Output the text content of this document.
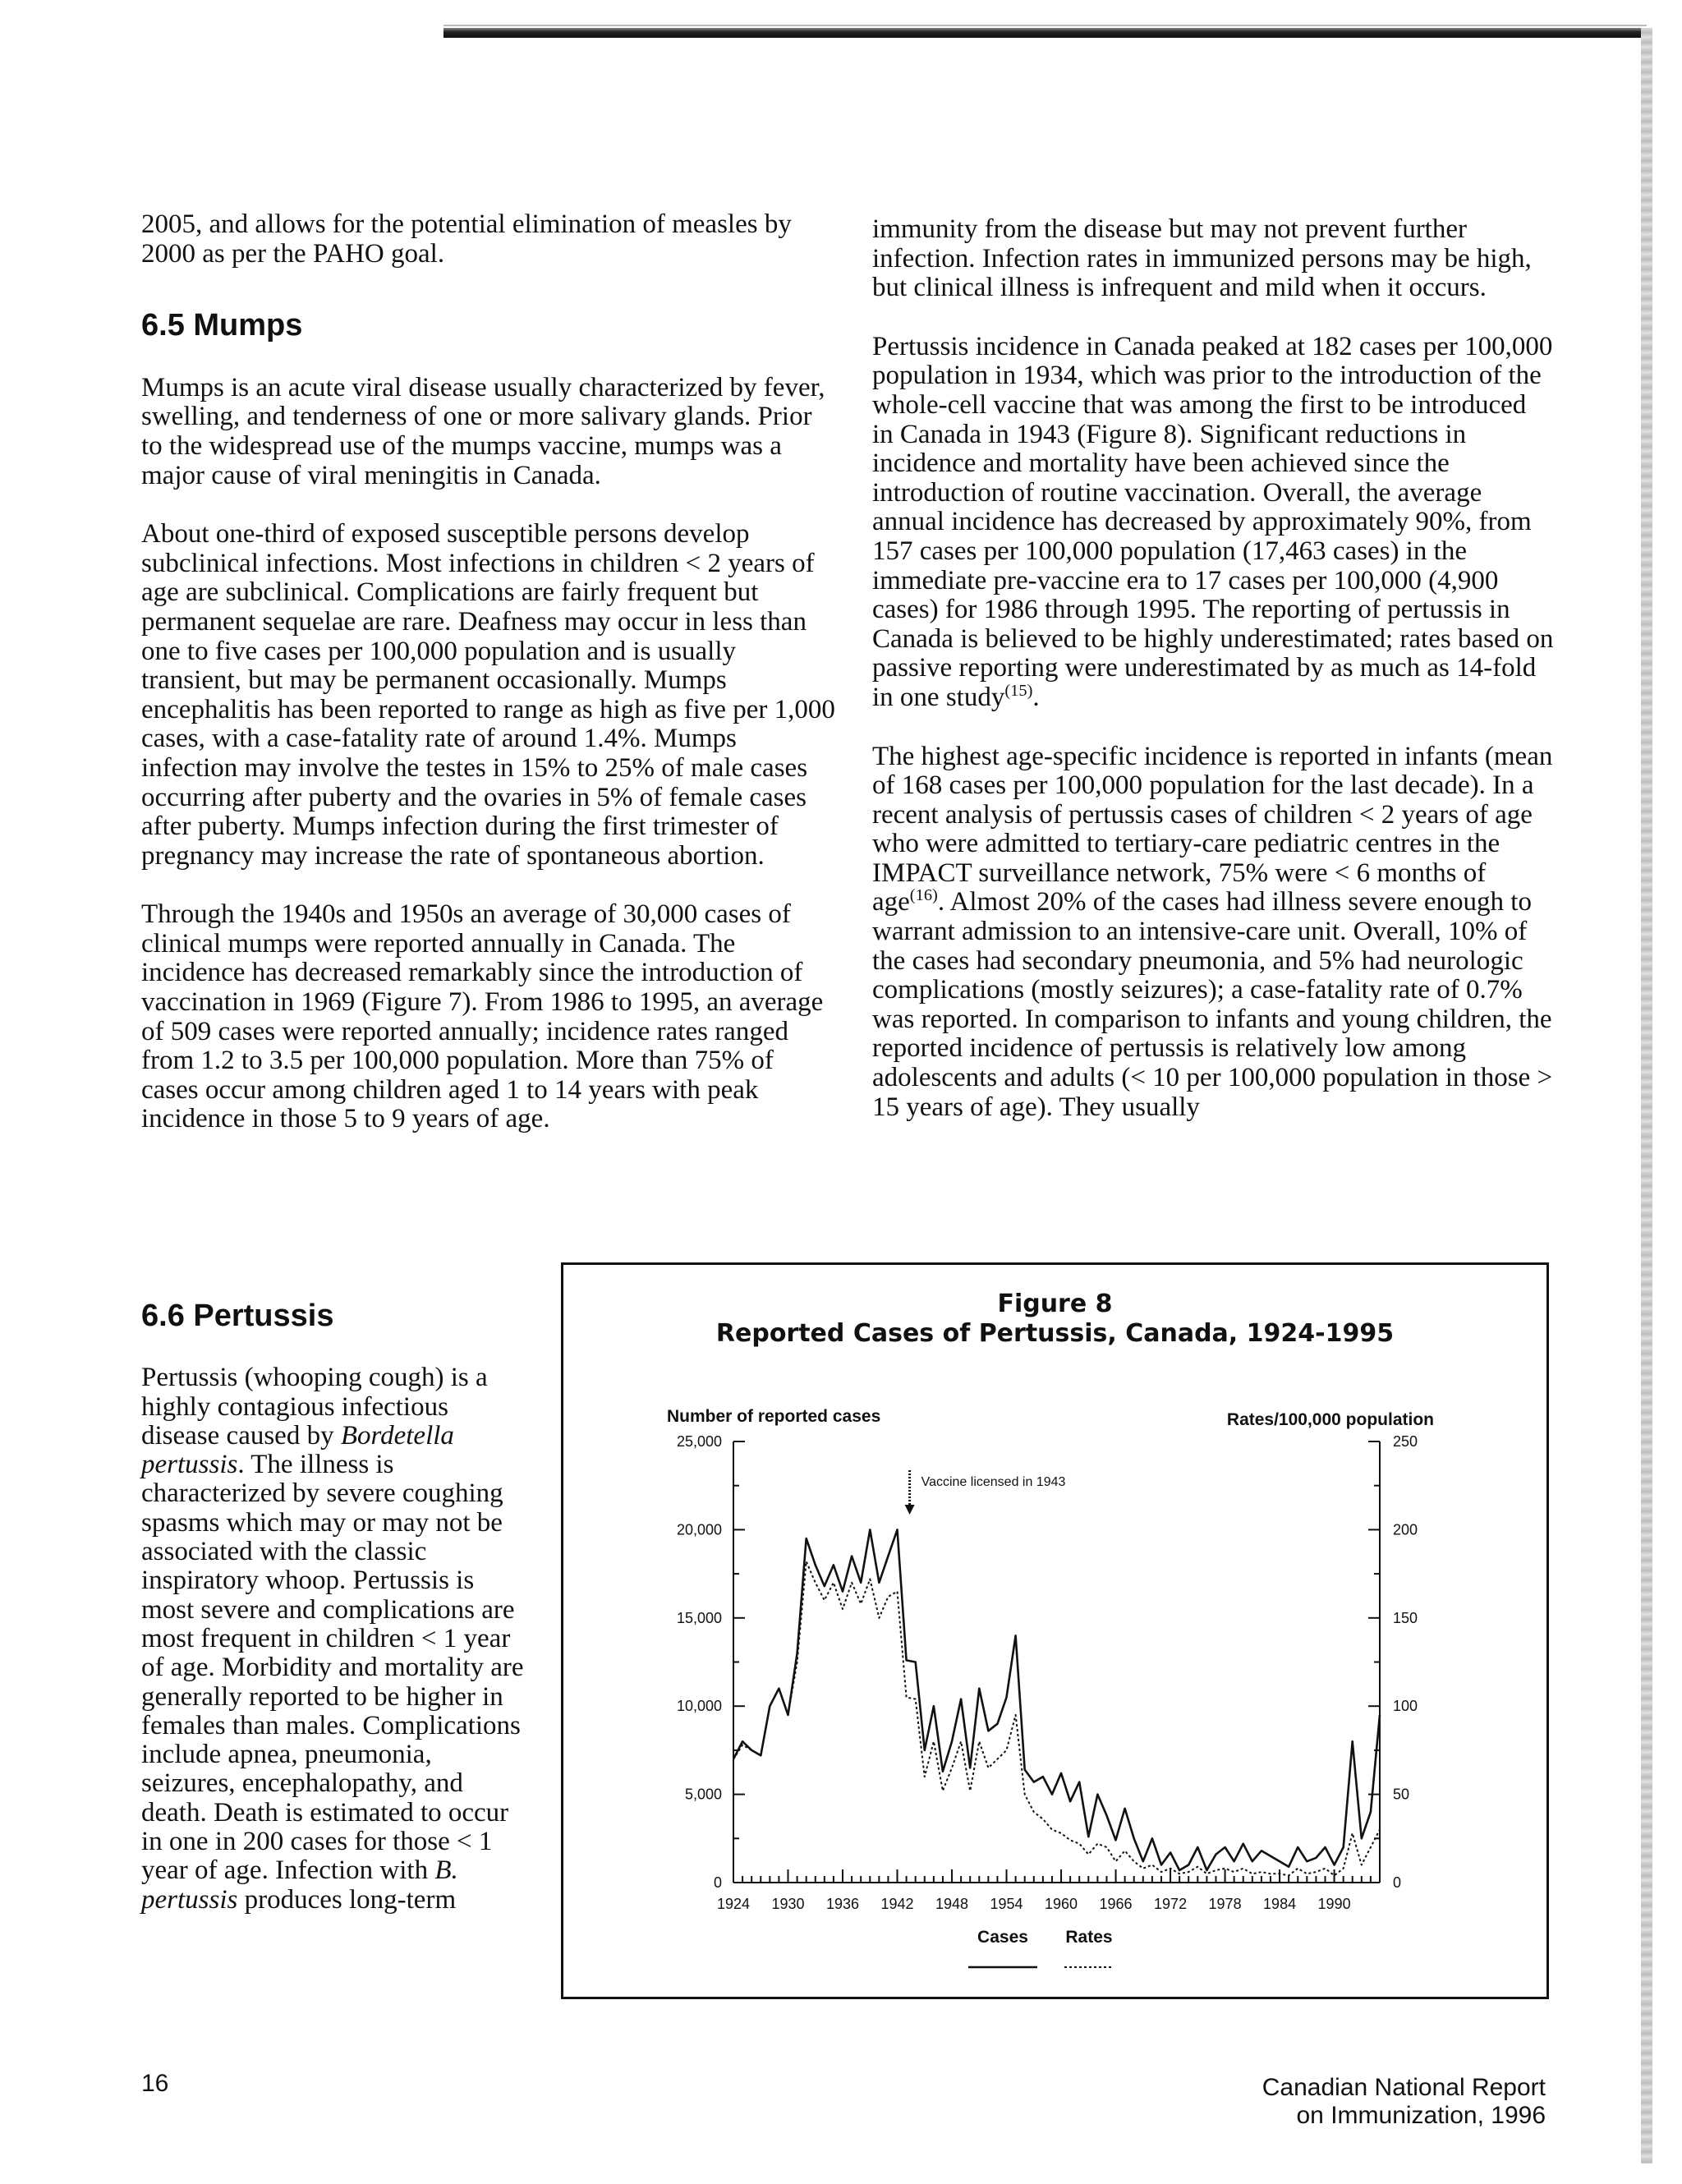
2005, and allows for the potential elimination of measles by 2000 as per the PAHO goal.

6.5 Mumps

Mumps is an acute viral disease usually characterized by fever, swelling, and tenderness of one or more salivary glands. Prior to the widespread use of the mumps vaccine, mumps was a major cause of viral meningitis in Canada.

About one-third of exposed susceptible persons develop subclinical infections. Most infections in children < 2 years of age are subclinical. Complications are fairly frequent but permanent sequelae are rare. Deafness may occur in less than one to five cases per 100,000 population and is usually transient, but may be permanent occasionally. Mumps encephalitis has been reported to range as high as five per 1,000 cases, with a case-fatality rate of around 1.4%. Mumps infection may involve the testes in 15% to 25% of male cases occurring after puberty and the ovaries in 5% of female cases after puberty. Mumps infection during the first trimester of pregnancy may increase the rate of spontaneous abortion.

Through the 1940s and 1950s an average of 30,000 cases of clinical mumps were reported annually in Canada. The incidence has decreased remarkably since the introduction of vaccination in 1969 (Figure 7). From 1986 to 1995, an average of 509 cases were reported annually; incidence rates ranged from 1.2 to 3.5 per 100,000 population. More than 75% of cases occur among children aged 1 to 14 years with peak incidence in those 5 to 9 years of age.

6.6 Pertussis

Pertussis (whooping cough) is a highly contagious infectious disease caused by Bordetella pertussis. The illness is characterized by severe coughing spasms which may or may not be associated with the classic inspiratory whoop. Pertussis is most severe and complications are most frequent in children < 1 year of age. Morbidity and mortality are generally reported to be higher in females than males. Complications include apnea, pneumonia, seizures, encephalopathy, and death. Death is estimated to occur in one in 200 cases for those < 1 year of age. Infection with B. pertussis produces long-term

immunity from the disease but may not prevent further infection. Infection rates in immunized persons may be high, but clinical illness is infrequent and mild when it occurs.

Pertussis incidence in Canada peaked at 182 cases per 100,000 population in 1934, which was prior to the introduction of the whole-cell vaccine that was among the first to be introduced in Canada in 1943 (Figure 8). Significant reductions in incidence and mortality have been achieved since the introduction of routine vaccination. Overall, the average annual incidence has decreased by approximately 90%, from 157 cases per 100,000 population (17,463 cases) in the immediate pre-vaccine era to 17 cases per 100,000 (4,900 cases) for 1986 through 1995. The reporting of pertussis in Canada is believed to be highly underestimated; rates based on passive reporting were underestimated by as much as 14-fold in one study$^{(15)}$.

The highest age-specific incidence is reported in infants (mean of 168 cases per 100,000 population for the last decade). In a recent analysis of pertussis cases of children < 2 years of age who were admitted to tertiary-care pediatric centres in the IMPACT surveillance network, 75% were < 6 months of age$^{(16)}$. Almost 20% of the cases had illness severe enough to warrant admission to an intensive-care unit. Overall, 10% of the cases had secondary pneumonia, and 5% had neurologic complications (mostly seizures); a case-fatality rate of 0.7% was reported. In comparison to infants and young children, the reported incidence of pertussis is relatively low among adolescents and adults (< 10 per 100,000 population in those > 15 years of age). They usually

Figure 8
Reported Cases of Pertussis, Canada, 1924-1995
Number of reported cases	Rates/100,000 population
0
5,000
10,000
15,000
20,000
25,000
0
50
100
150
200
250
1924 1930 1936 1942 1948 1954 1960 1966 1972 1978 1984 1990
Vaccine licensed in 1943
Cases Rates
16	Canadian National Report
on Immunization, 1996
